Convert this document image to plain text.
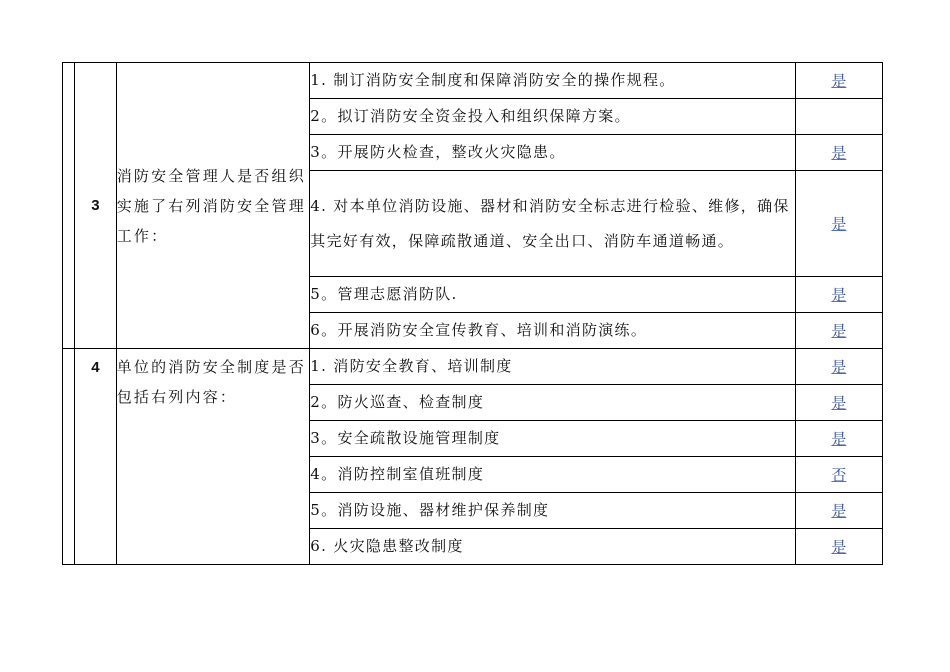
	3	消防安全管理人是否组织实施了右列消防安全管理工作：	1. 制订消防安全制度和保障消防安全的操作规程。	是
			2。拟订消防安全资金投入和组织保障方案。	
			3。开展防火检查，整改火灾隐患。	是
			4. 对本单位消防设施、器材和消防安全标志进行检验、维修，确保其完好有效，保障疏散通道、安全出口、消防车通道畅通。	是
			5。管理志愿消防队.	是
			6。开展消防安全宣传教育、培训和消防演练。	是
	4	单位的消防安全制度是否包括右列内容：	1. 消防安全教育、培训制度	是
			2。防火巡查、检查制度	是
			3。安全疏散设施管理制度	是
			4。消防控制室值班制度	否
			5。消防设施、器材维护保养制度	是
			6. 火灾隐患整改制度	是
